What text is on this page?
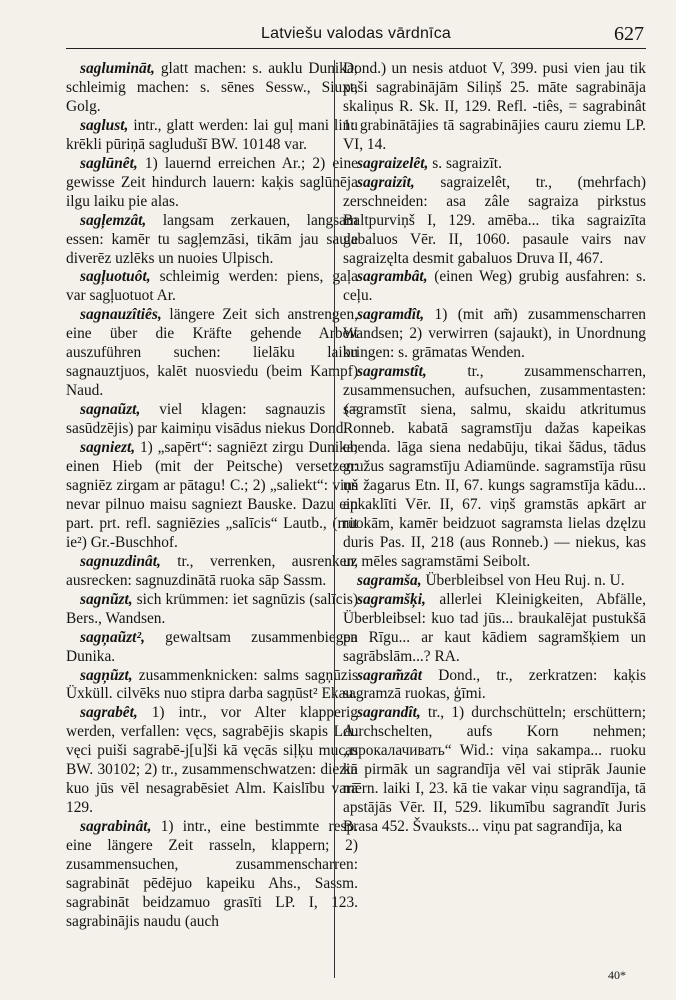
Latviešu valodas vārdnīca	627

saglumināt, glatt machen: s. auklu Dunika; schleimig machen: s. sēnes Sessw., Siuxt, Golg.

saglust, intr., glatt werden: lai guļ mani linu krēkli pūriņā sagludušī BW. 10148 var.

saglūnêt, 1) lauernd erreichen Ar.; 2) eine gewisse Zeit hindurch lauern: kaķis saglūnēja ilgu laiku pie alas.

sagļemzât, langsam zerkauen, langsam essen: kamēr tu sagļemzāsi, tikām jau saule diverēz uzlēks un nuoies Ulpisch.

sagļuotuôt, schleimig werden: piens, gaļa var sagļuotuot Ar.

sagnauzîtiês, längere Zeit sich anstrengen, eine über die Kräfte gehende Arbeit auszuführen suchen: lielāku laiku sagnauztjuos, kalēt nuosviedu (beim Kampf) Naud.

sagnaũzt, viel klagen: sagnauzis (= sasūdzējis) par kaimiņu visādus niekus Dond.

sagniezt, 1) „sapērt“: sagniēzt zirgu Dunika; einen Hieb (mit der Peitsche) versetzen: sagniēz zirgam ar pātagu! C.; 2) „saliekt“: viņš nevar pilnuo maisu sagniezt Bauske. Dazu ein part. prt. refl. sagniēzies „salīcis“ Lautb., (mit ie²) Gr.-Buschhof.

sagnuzdinât, tr., verrenken, ausrenken, ausrecken: sagnuzdinātā ruoka sāp Sassm.

sagnũzt, sich krümmen: iet sagnūzis (salīcis) Bers., Wandsen.

sagņaũzt², gewaltsam zusammenbiegen Dunika.

sagņũzt, zusammenknicken: salms sagņūzis Üxküll. cilvēks nuo stipra darba sagņūst² Ekau.

sagrabêt, 1) intr., vor Alter klapperig werden, verfallen: vęcs, sagrabējis skapis LA. vęci puiši sagrabē-j[u]ši kā vęcās siļķu mucas BW. 30102; 2) tr., zusammenschwatzen: diezin kuo jūs vēl nesagrabēsiet Alm. Kaislību varā 129.

sagrabinât, 1) intr., eine bestimmte resp. eine längere Zeit rasseln, klappern; 2) zusammensuchen, zusammenscharren: sagrabināt pēdējuo kapeiku Ahs., Sassm. sagrabināt beidzamuo grasīti LP. I, 123. sagrabinājis naudu (auch

Dond.) un nesis atduot V, 399. pusi vien jau tik paši sagrabinājām Siliņš 25. māte sagrabināja skaliņus R. Sk. II, 129. Refl. -tiês, = sagrabinât 1: grabinātājies tā sagrabinājies cauru ziemu LP. VI, 14.

sagraizelêt, s. sagraizīt.

sagraizît, sagraizelêt, tr., (mehrfach) zerschneiden: asa zâle sagraiza pirkstus Baltpurviņš I, 129. amēba... tika sagraizīta gabaluos Vēr. II, 1060. pasaule vairs nav sagraizęlta desmit gabaluos Druva II, 467.

sagrambât, (einen Weg) grubig ausfahren: s. ceļu.

sagramdît, 1) (mit am̃) zusammenscharren Wandsen; 2) verwirren (sajaukt), in Unordnung bringen: s. grāmatas Wenden.

sagramstît,	tr., zusammenscharren, zusammensuchen, aufsuchen, zusammentasten: sagramstīt siena, salmu, skaidu atkritumus Ronneb. kabatā sagramstīju dažas kapeikas ebenda. lāga siena nedabūju, tikai šādus, tādus gružus sagramstīju Adiamünde. sagramstīja rūsu un žagarus Etn. II, 67. kungs sagramstīja kādu... apkaklīti Vēr. II, 67. viņš gramstās apkārt ar ruokām, kamēr beidzuot sagramsta lielas dzęlzu duris Pas. II, 218 (aus Ronneb.) — niekus, kas uz mēles sagramstāmi Seibolt.

sagramša, Überbleibsel von Heu Ruj. n. U.

sagramšķi, allerlei Kleinigkeiten, Abfälle, Überbleibsel: kuo tad jūs... braukalējat pustukšā pa Rīgu... ar kaut kādiem sagramšķiem un sagrābslām...? RA.

sagram̃zât Dond., tr., zerkratzen: kaķis sagramzā ruokas, ģīmi.

sagrandît, tr., 1) durchschütteln; erschüttern; durchschelten, aufs Korn nehmen; „прокалачивать“ Wid.: viņa sakampa... ruoku kā pirmāk un sagrandīja vēl vai stiprāk Jaunie mērn. laiki I, 23. kā tie vakar viņu sagrandīja, tā apstājās Vēr. II, 529. likumību sagrandīt Juris Brasa 452. Švauksts... viņu pat sagrandīja, ka

40*
